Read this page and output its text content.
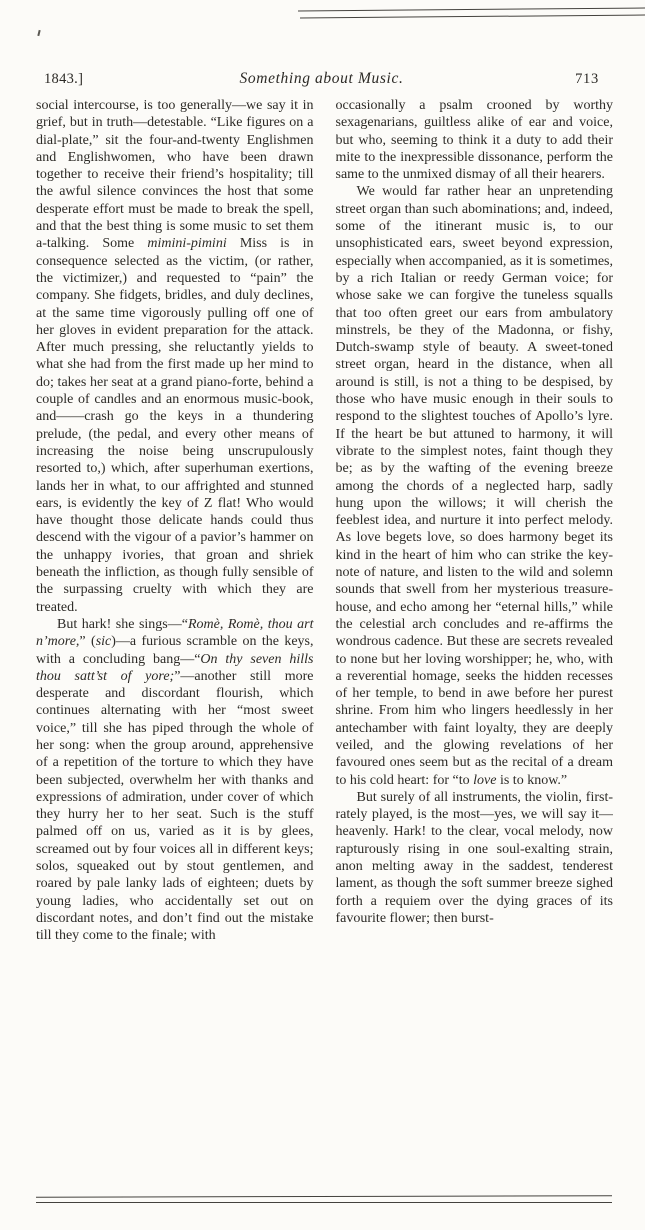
1843.]	Something about Music.	713

social intercourse, is too generally—we say it in grief, but in truth—detestable. “Like figures on a dial-plate,” sit the four-and-twenty Englishmen and Englishwomen, who have been drawn together to receive their friend’s hospitality; till the awful silence convinces the host that some desperate effort must be made to break the spell, and that the best thing is some music to set them a-talking. Some mimini-pimini Miss is in consequence selected as the victim, (or rather, the victimizer,) and requested to “pain” the company. She fidgets, bridles, and duly declines, at the same time vigorously pulling off one of her gloves in evident preparation for the attack. After much pressing, she reluctantly yields to what she had from the first made up her mind to do; takes her seat at a grand piano-forte, behind a couple of candles and an enormous music-book, and——crash go the keys in a thundering prelude, (the pedal, and every other means of increasing the noise being unscrupulously resorted to,) which, after superhuman exertions, lands her in what, to our affrighted and stunned ears, is evidently the key of Z flat! Who would have thought those delicate hands could thus descend with the vigour of a pavior’s hammer on the unhappy ivories, that groan and shriek beneath the infliction, as though fully sensible of the surpassing cruelty with which they are treated.

But hark! she sings—“Romè, Romè, thou art n’more,” (sic)—a furious scramble on the keys, with a concluding bang—“On thy seven hills thou satt’st of yore;”—another still more desperate and discordant flourish, which continues alternating with her “most sweet voice,” till she has piped through the whole of her song: when the group around, apprehensive of a repetition of the torture to which they have been subjected, overwhelm her with thanks and expressions of admiration, under cover of which they hurry her to her seat. Such is the stuff palmed off on us, varied as it is by glees, screamed out by four voices all in different keys; solos, squeaked out by stout gentlemen, and roared by pale lanky lads of eighteen; duets by young ladies, who accidentally set out on discordant notes, and don’t find out the mistake till they come to the finale; with

occasionally a psalm crooned by worthy sexagenarians, guiltless alike of ear and voice, but who, seeming to think it a duty to add their mite to the inexpressible dissonance, perform the same to the unmixed dismay of all their hearers.

We would far rather hear an unpretending street organ than such abominations; and, indeed, some of the itinerant music is, to our unsophisticated ears, sweet beyond expression, especially when accompanied, as it is sometimes, by a rich Italian or reedy German voice; for whose sake we can forgive the tuneless squalls that too often greet our ears from ambulatory minstrels, be they of the Madonna, or fishy, Dutch-swamp style of beauty. A sweet-toned street organ, heard in the distance, when all around is still, is not a thing to be despised, by those who have music enough in their souls to respond to the slightest touches of Apollo’s lyre. If the heart be but attuned to harmony, it will vibrate to the simplest notes, faint though they be; as by the wafting of the evening breeze among the chords of a neglected harp, sadly hung upon the willows; it will cherish the feeblest idea, and nurture it into perfect melody. As love begets love, so does harmony beget its kind in the heart of him who can strike the key-note of nature, and listen to the wild and solemn sounds that swell from her mysterious treasure-house, and echo among her “eternal hills,” while the celestial arch concludes and re-affirms the wondrous cadence. But these are secrets revealed to none but her loving worshipper; he, who, with a reverential homage, seeks the hidden recesses of her temple, to bend in awe before her purest shrine. From him who lingers heedlessly in her antechamber with faint loyalty, they are deeply veiled, and the glowing revelations of her favoured ones seem but as the recital of a dream to his cold heart: for “to love is to know.”

But surely of all instruments, the violin, first-rately played, is the most—yes, we will say it—heavenly. Hark! to the clear, vocal melody, now rapturously rising in one soul-exalting strain, anon melting away in the saddest, tenderest lament, as though the soft summer breeze sighed forth a requiem over the dying graces of its favourite flower; then burst-
